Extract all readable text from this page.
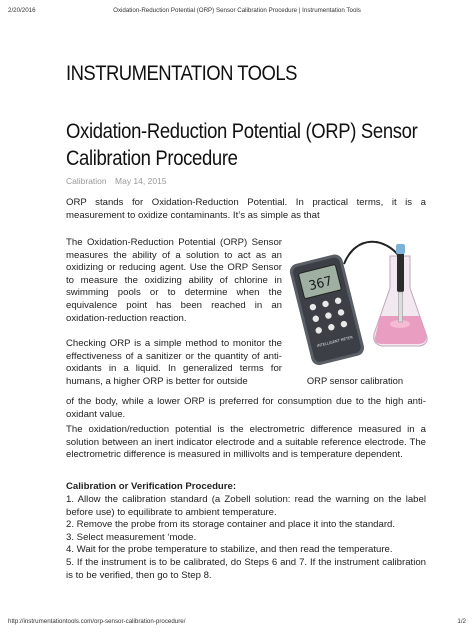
2/20/2016	Oxidation-Reduction Potential (ORP) Sensor Calibration Procedure | Instrumentation Tools
INSTRUMENTATION TOOLS
Oxidation-Reduction Potential (ORP) Sensor Calibration Procedure
Calibration May 14, 2015
ORP stands for Oxidation-Reduction Potential. In practical terms, it is a measurement to oxidize contaminants. It’s as simple as that
The Oxidation-Reduction Potential (ORP) Sensor measures the ability of a solution to act as an oxidizing or reducing agent. Use the ORP Sensor to measure the oxidizing ability of chlorine in swimming pools or to determine when the equivalence point has been reached in an oxidation-reduction reaction.
Checking ORP is a simple method to monitor the effectiveness of a sanitizer or the quantity of anti-oxidants in a liquid. In generalized terms for humans, a higher ORP is better for outside
of the body, while a lower ORP is preferred for consumption due to the high anti-oxidant value.
The oxidation/reduction potential is the electrometric difference measured in a solution between an inert indicator electrode and a suitable reference electrode. The electrometric difference is measured in millivolts and is temperature dependent.
Calibration or Verification Procedure:
1. Allow the calibration standard (a Zobell solution: read the warning on the label before use) to equilibrate to ambient temperature.
2. Remove the probe from its storage container and place it into the standard.
3. Select measurement ‘mode.
4. Wait for the probe temperature to stabilize, and then read the temperature.
5. If the instrument is to be calibrated, do Steps 6 and 7. If the instrument calibration is to be verified, then go to Step 8.
367
INTELLIGENT METER
ORP sensor calibration
http://instrumentationtools.com/orp-sensor-calibration-procedure/	1/2
